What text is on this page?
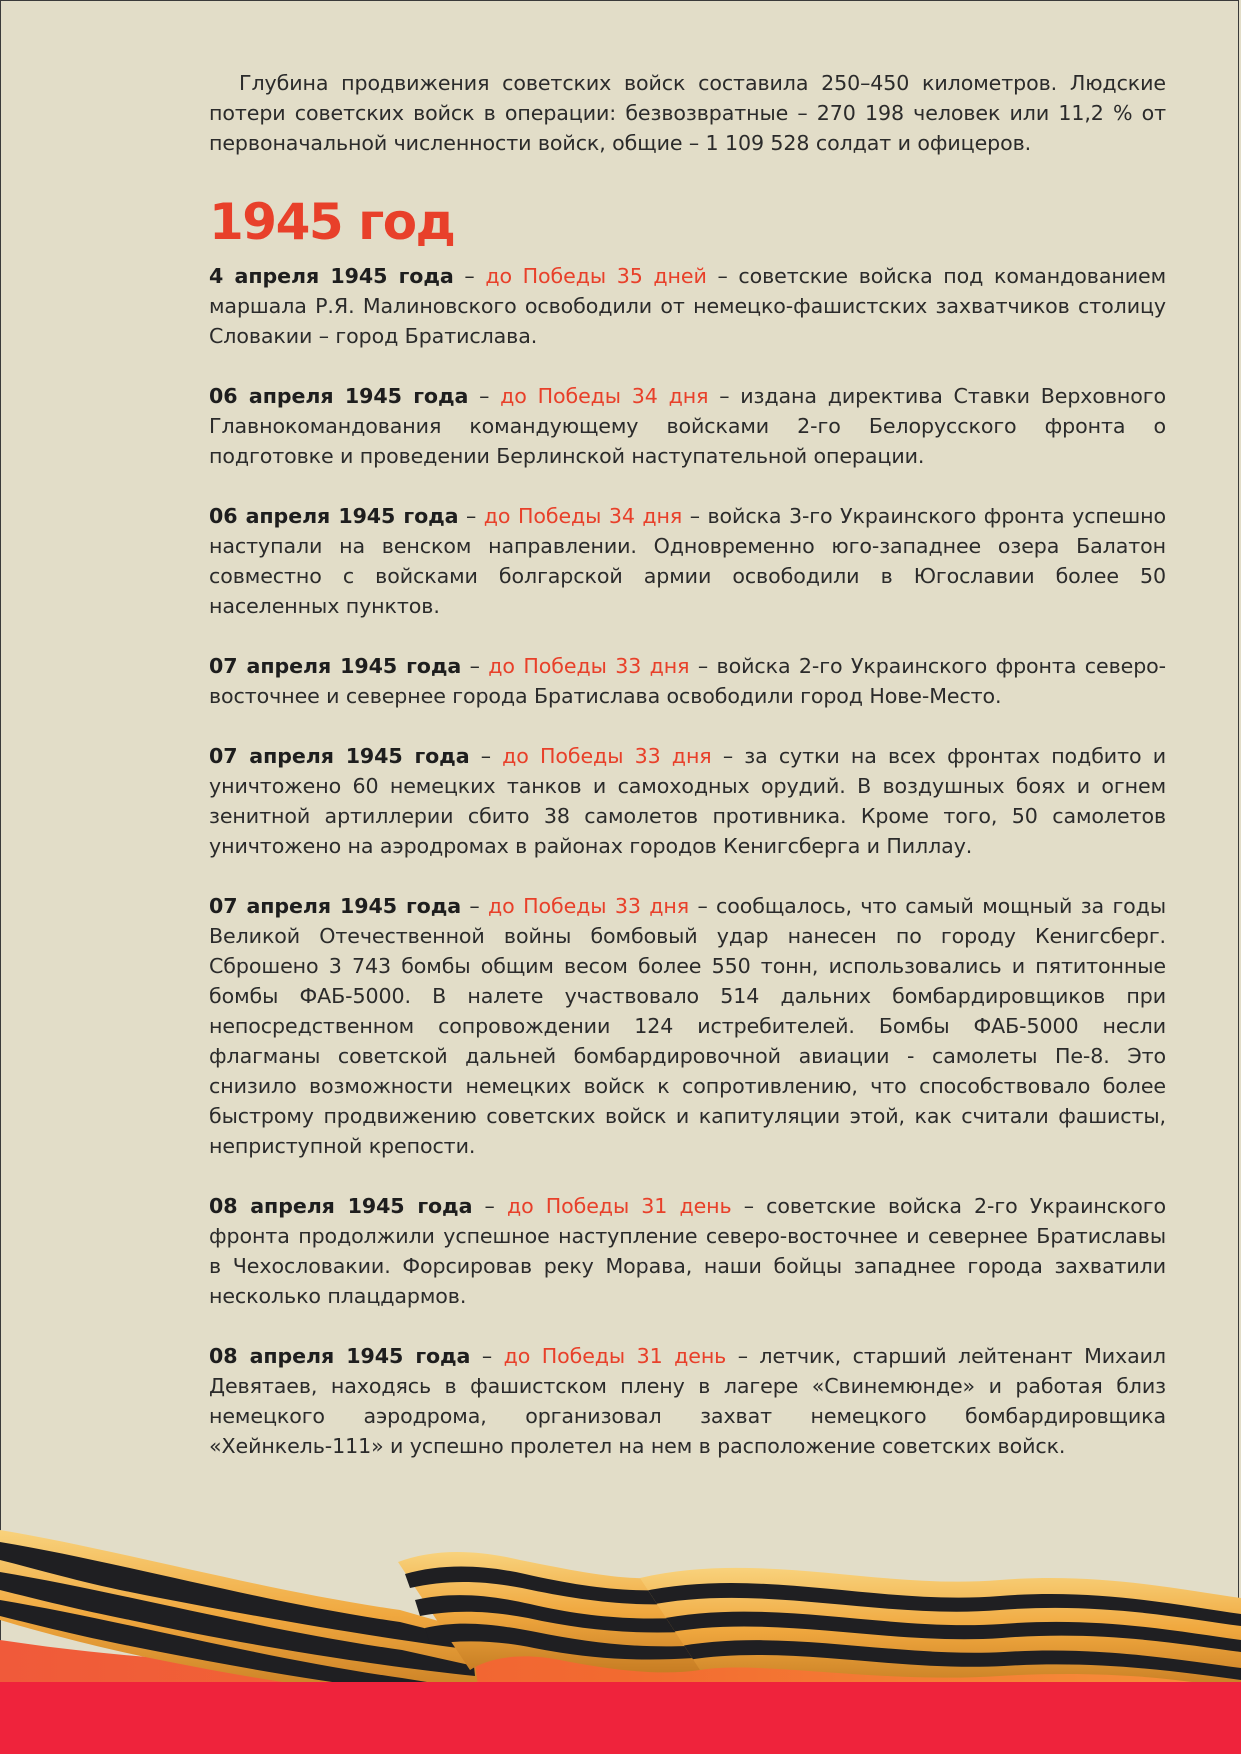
Глубина продвижения советских войск составила 250–450 километров. Людские потери советских войск в операции: безвозвратные – 270 198 человек или 11,2 % от первоначальной численности войск, общие – 1 109 528 солдат и офицеров.

1945 год

4 апреля 1945 года – до Победы 35 дней – советские войска под командованием маршала Р.Я. Малиновского освободили от немецко-фашистских захватчиков столицу Словакии – город Братислава.

06 апреля 1945 года – до Победы 34 дня – издана директива Ставки Верховного Главнокомандования командующему войсками 2-го Белорусского фронта о подготовке и проведении Берлинской наступательной операции.

06 апреля 1945 года – до Победы 34 дня – войска 3-го Украинского фронта успешно наступали на венском направлении. Одновременно юго-западнее озера Балатон совместно с войсками болгарской армии освободили в Югославии более 50 населенных пунктов.

07 апреля 1945 года – до Победы 33 дня – войска 2-го Украинского фронта северо-восточнее и севернее города Братислава освободили город Нове-Место.

07 апреля 1945 года – до Победы 33 дня – за сутки на всех фронтах подбито и уничтожено 60 немецких танков и самоходных орудий. В воздушных боях и огнем зенитной артиллерии сбито 38 самолетов противника. Кроме того, 50 самолетов уничтожено на аэродромах в районах городов Кенигсберга и Пиллау.

07 апреля 1945 года – до Победы 33 дня – сообщалось, что самый мощный за годы Великой Отечественной войны бомбовый удар нанесен по городу Кенигсберг. Сброшено 3 743 бомбы общим весом более 550 тонн, использовались и пятитонные бомбы ФАБ-5000. В налете участвовало 514 дальних бомбардировщиков при непосредственном сопровождении 124 истребителей. Бомбы ФАБ-5000 несли флагманы советской дальней бомбардировочной авиации - самолеты Пе-8. Это снизило возможности немецких войск к сопротивлению, что способствовало более быстрому продвижению советских войск и капитуляции этой, как считали фашисты, неприступной крепости.

08 апреля 1945 года – до Победы 31 день – советские войска 2-го Украинского фронта продолжили успешное наступление северо-восточнее и севернее Братиславы в Чехословакии. Форсировав реку Морава, наши бойцы западнее города захватили несколько плацдармов.

08 апреля 1945 года – до Победы 31 день – летчик, старший лейтенант Михаил Девятаев, находясь в фашистском плену в лагере «Свинемюнде» и работая близ немецкого аэродрома, организовал захват немецкого бомбардировщика «Хейнкель-111» и успешно пролетел на нем в расположение советских войск.
